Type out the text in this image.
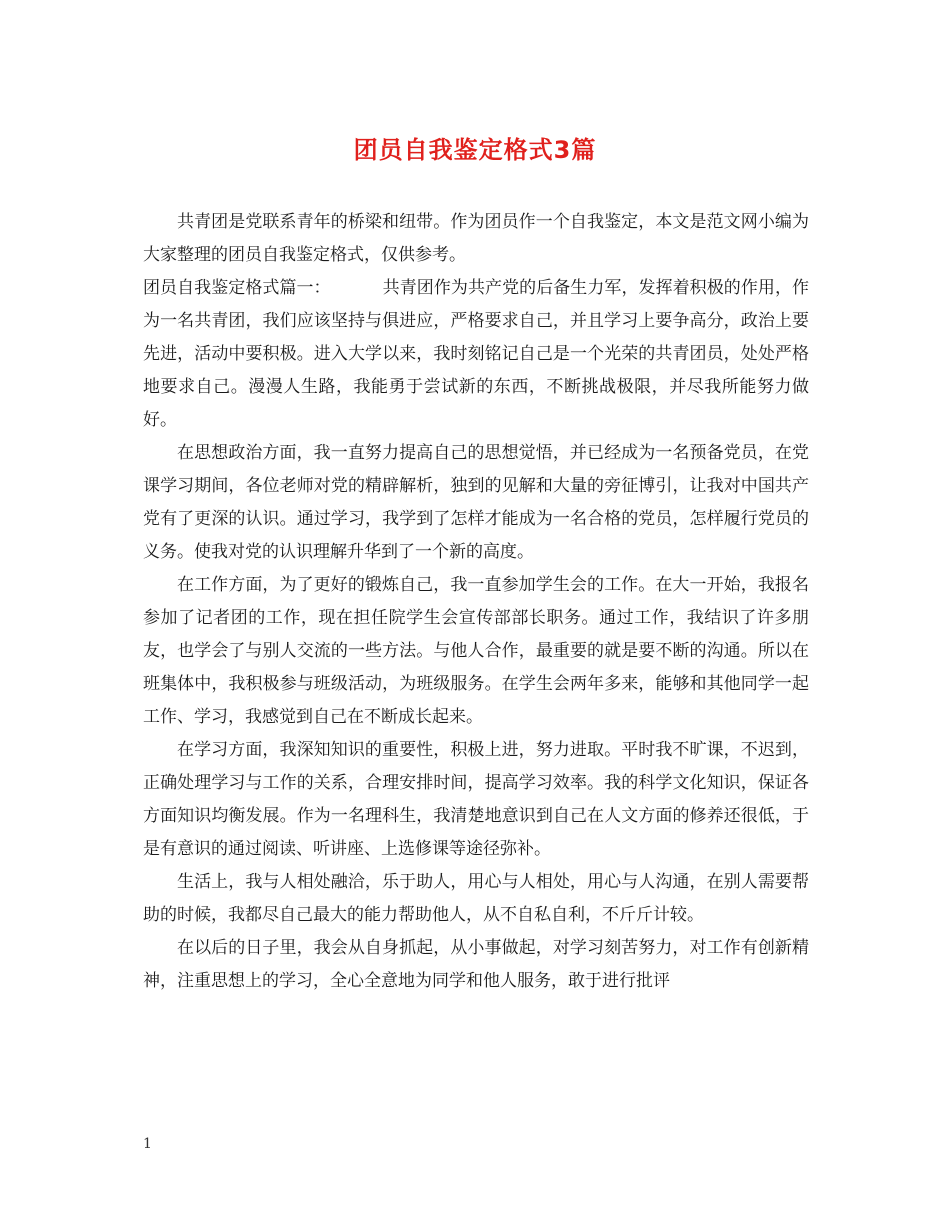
团员自我鉴定格式3篇

共青团是党联系青年的桥梁和纽带。作为团员作一个自我鉴定，本文是范文网小编为大家整理的团员自我鉴定格式，仅供参考。

团员自我鉴定格式篇一：	共青团作为共产党的后备生力军，发挥着积极的作用，作为一名共青团，我们应该坚持与俱进应，严格要求自己，并且学习上要争高分，政治上要先进，活动中要积极。进入大学以来，我时刻铭记自己是一个光荣的共青团员，处处严格地要求自己。漫漫人生路，我能勇于尝试新的东西，不断挑战极限，并尽我所能努力做好。

在思想政治方面，我一直努力提高自己的思想觉悟，并已经成为一名预备党员，在党课学习期间，各位老师对党的精辟解析，独到的见解和大量的旁征博引，让我对中国共产党有了更深的认识。通过学习，我学到了怎样才能成为一名合格的党员，怎样履行党员的义务。使我对党的认识理解升华到了一个新的高度。

在工作方面，为了更好的锻炼自己，我一直参加学生会的工作。在大一开始，我报名参加了记者团的工作，现在担任院学生会宣传部部长职务。通过工作，我结识了许多朋友，也学会了与别人交流的一些方法。与他人合作，最重要的就是要不断的沟通。所以在班集体中，我积极参与班级活动，为班级服务。在学生会两年多来，能够和其他同学一起工作、学习，我感觉到自己在不断成长起来。

在学习方面，我深知知识的重要性，积极上进，努力进取。平时我不旷课，不迟到，正确处理学习与工作的关系，合理安排时间，提高学习效率。我的科学文化知识，保证各方面知识均衡发展。作为一名理科生，我清楚地意识到自己在人文方面的修养还很低，于是有意识的通过阅读、听讲座、上选修课等途径弥补。

生活上，我与人相处融洽，乐于助人，用心与人相处，用心与人沟通，在别人需要帮助的时候，我都尽自己最大的能力帮助他人，从不自私自利，不斤斤计较。

在以后的日子里，我会从自身抓起，从小事做起，对学习刻苦努力，对工作有创新精神，注重思想上的学习，全心全意地为同学和他人服务，敢于进行批评

1
